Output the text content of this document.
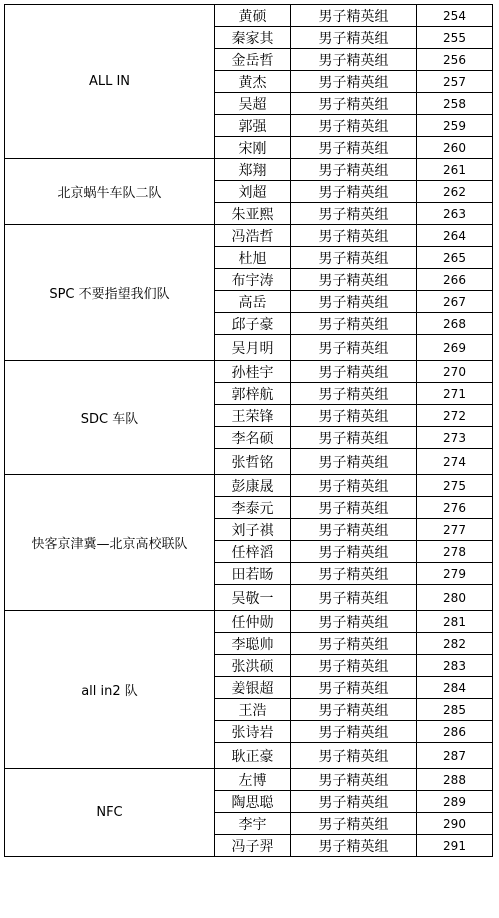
ALL IN	黄硕	男子精英组	254
	秦家其	男子精英组	255
	金岳哲	男子精英组	256
	黄杰	男子精英组	257
	吴超	男子精英组	258
	郭强	男子精英组	259
	宋刚	男子精英组	260
北京蜗牛车队二队	郑翔	男子精英组	261
	刘超	男子精英组	262
	朱亚熙	男子精英组	263
SPC 不要指望我们队	冯浩哲	男子精英组	264
	杜旭	男子精英组	265
	布宇涛	男子精英组	266
	高岳	男子精英组	267
	邱子豪	男子精英组	268
	吴月明	男子精英组	269
SDC 车队	孙桂宇	男子精英组	270
	郭梓航	男子精英组	271
	王荣锋	男子精英组	272
	李名硕	男子精英组	273
	张哲铭	男子精英组	274
快客京津冀—北京高校联队	彭康晟	男子精英组	275
	李泰元	男子精英组	276
	刘子祺	男子精英组	277
	任梓滔	男子精英组	278
	田若旸	男子精英组	279
	吴敬一	男子精英组	280
all in2 队	任仲勋	男子精英组	281
	李聪帅	男子精英组	282
	张洪硕	男子精英组	283
	姜银超	男子精英组	284
	王浩	男子精英组	285
	张诗岩	男子精英组	286
	耿正豪	男子精英组	287
NFC	左博	男子精英组	288
	陶思聪	男子精英组	289
	李宇	男子精英组	290
	冯子羿	男子精英组	291
